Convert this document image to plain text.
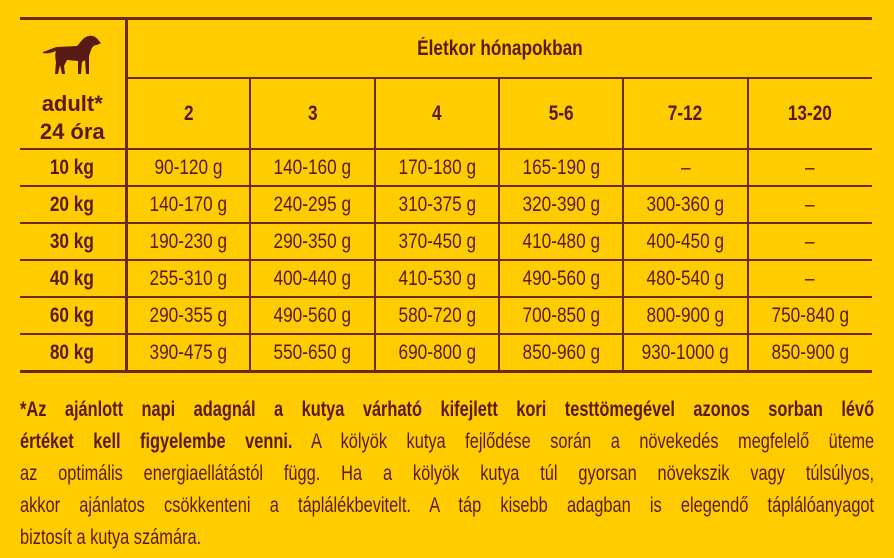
adult*
24 óra	Életkor hónapokban					
	2	3	4	5-6	7-12	13-20
10 kg	90-120 g	140-160 g	170-180 g	165-190 g	–	–
20 kg	140-170 g	240-295 g	310-375 g	320-390 g	300-360 g	–
30 kg	190-230 g	290-350 g	370-450 g	410-480 g	400-450 g	–
40 kg	255-310 g	400-440 g	410-530 g	490-560 g	480-540 g	–
60 kg	290-355 g	490-560 g	580-720 g	700-850 g	800-900 g	750-840 g
80 kg	390-475 g	550-650 g	690-800 g	850-960 g	930-1000 g	850-900 g
*Az ajánlott napi adagnál a kutya várható kifejlett kori testtömegével azonos sorban lévő
értéket kell figyelembe venni. A kölyök kutya fejlődése során a növekedés megfelelő üteme
az optimális energiaellátástól függ. Ha a kölyök kutya túl gyorsan növekszik vagy túlsúlyos,
akkor ajánlatos csökkenteni a táplálékbevitelt. A táp kisebb adagban is elegendő táplálóanyagot
biztosít a kutya számára.
